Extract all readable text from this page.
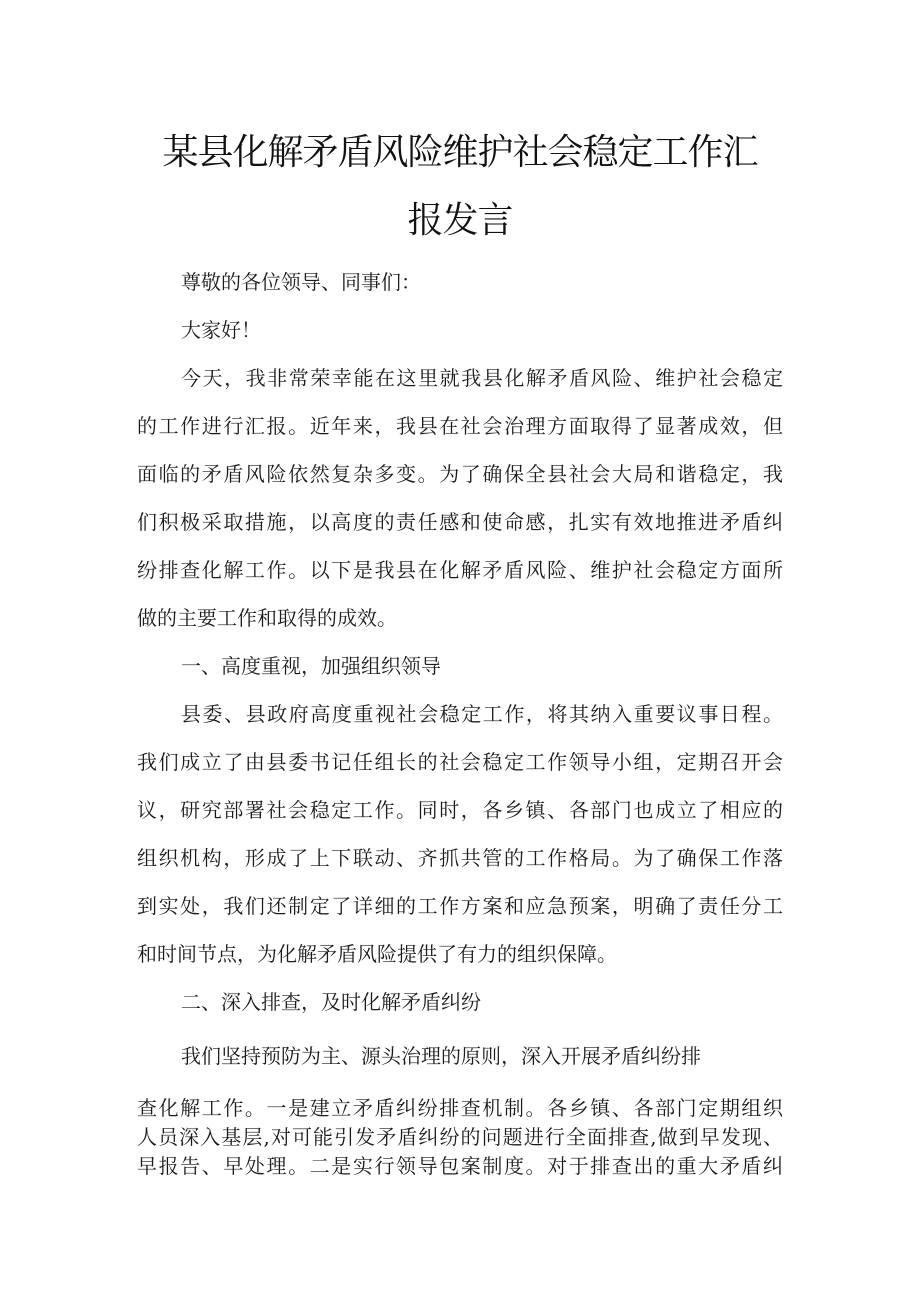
某县化解矛盾风险维护社会稳定工作汇
报发言
尊敬的各位领导、同事们：
大家好！
今天，我非常荣幸能在这里就我县化解矛盾风险、维护社会稳定
的工作进行汇报。近年来，我县在社会治理方面取得了显著成效，但
面临的矛盾风险依然复杂多变。为了确保全县社会大局和谐稳定，我
们积极采取措施，以高度的责任感和使命感，扎实有效地推进矛盾纠
纷排查化解工作。以下是我县在化解矛盾风险、维护社会稳定方面所
做的主要工作和取得的成效。
一、高度重视，加强组织领导
县委、县政府高度重视社会稳定工作，将其纳入重要议事日程。
我们成立了由县委书记任组长的社会稳定工作领导小组，定期召开会
议，研究部署社会稳定工作。同时，各乡镇、各部门也成立了相应的
组织机构，形成了上下联动、齐抓共管的工作格局。为了确保工作落
到实处，我们还制定了详细的工作方案和应急预案，明确了责任分工
和时间节点，为化解矛盾风险提供了有力的组织保障。
二、深入排查，及时化解矛盾纠纷
我们坚持预防为主、源头治理的原则，深入开展矛盾纠纷排
查化解工作。一是建立矛盾纠纷排查机制。各乡镇、各部门定期组织
人员深入基层,对可能引发矛盾纠纷的问题进行全面排查,做到早发现、
早报告、早处理。二是实行领导包案制度。对于排查出的重大矛盾纠
